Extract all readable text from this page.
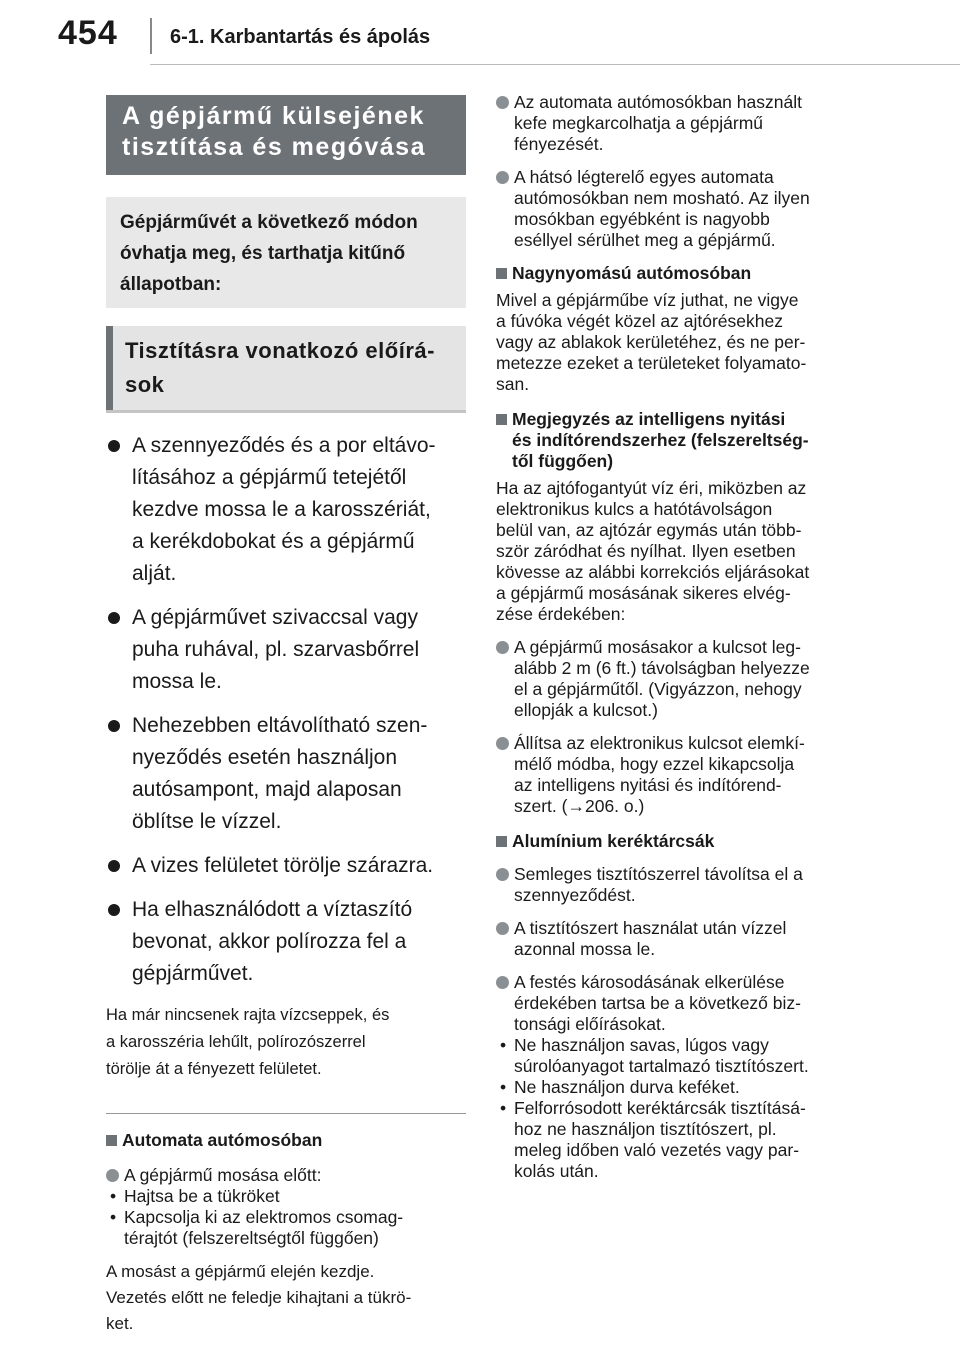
454	6-1. Karbantartás és ápolás
A gépjármű külsejének
tisztítása és megóvása
Gépjárművét a következő módon
óvhatja meg, és tarthatja kitűnő
állapotban:
Tisztításra vonatkozó előírá-
sok
A szennyeződés és a por eltávo-
lításához a gépjármű tetejétől
kezdve mossa le a karosszériát,
a kerékdobokat és a gépjármű
alját.
A gépjárművet szivaccsal vagy
puha ruhával, pl. szarvasbőrrel
mossa le.
Nehezebben eltávolítható szen-
nyeződés esetén használjon
autósampont, majd alaposan
öblítse le vízzel.
A vizes felületet törölje szárazra.
Ha elhasználódott a víztaszító
bevonat, akkor polírozza fel a
gépjárművet.
Ha már nincsenek rajta vízcseppek, és
a karosszéria lehűlt, polírozószerrel
törölje át a fényezett felületet.
Automata autómosóban
A gépjármű mosása előtt:
• Hajtsa be a tükröket
• Kapcsolja ki az elektromos csomag-
térajtót (felszereltségtől függően)
A mosást a gépjármű elején kezdje.
Vezetés előtt ne feledje kihajtani a tükrö-
ket.
Az automata autómosókban használt
kefe megkarcolhatja a gépjármű
fényezését.
A hátsó légterelő egyes automata
autómosókban nem mosható. Az ilyen
mosókban egyébként is nagyobb
eséllyel sérülhet meg a gépjármű.
Nagynyomású autómosóban
Mivel a gépjárműbe víz juthat, ne vigye
a fúvóka végét közel az ajtórésekhez
vagy az ablakok kerületéhez, és ne per-
metezze ezeket a területeket folyamato-
san.
Megjegyzés az intelligens nyitási
és indítórendszerhez (felszereltség-
től függően)
Ha az ajtófogantyút víz éri, miközben az
elektronikus kulcs a hatótávolságon
belül van, az ajtózár egymás után több-
ször záródhat és nyílhat. Ilyen esetben
kövesse az alábbi korrekciós eljárásokat
a gépjármű mosásának sikeres elvég-
zése érdekében:
A gépjármű mosásakor a kulcsot leg-
alább 2 m (6 ft.) távolságban helyezze
el a gépjárműtől. (Vigyázzon, nehogy
ellopják a kulcsot.)
Állítsa az elektronikus kulcsot elemkí-
mélő módba, hogy ezzel kikapcsolja
az intelligens nyitási és indítórend-
szert. (→206. o.)
Alumínium keréktárcsák
Semleges tisztítószerrel távolítsa el a
szennyeződést.
A tisztítószert használat után vízzel
azonnal mossa le.
A festés károsodásának elkerülése
érdekében tartsa be a következő biz-
tonsági előírásokat.
• Ne használjon savas, lúgos vagy
súrolóanyagot tartalmazó tisztítószert.
• Ne használjon durva keféket.
• Felforrósodott keréktárcsák tisztításá-
hoz ne használjon tisztítószert, pl.
meleg időben való vezetés vagy par-
kolás után.
